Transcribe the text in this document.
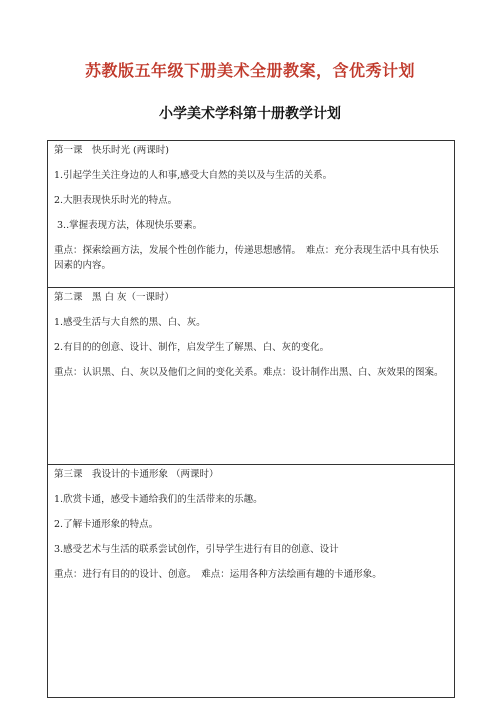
苏教版五年级下册美术全册教案，含优秀计划
小学美术学科第十册教学计划
第一课　快乐时光 (两课时)
1.引起学生关注身边的人和事,感受大自然的美以及与生活的关系。
2.大胆表现快乐时光的特点。
3..掌握表现方法，体现快乐要素。
重点：探索绘画方法，发展个性创作能力，传递思想感情。　难点：充分表现生活中具有快乐因素的内容。

第二课　黑 白 灰（一课时）
1.感受生活与大自然的黑、白、灰。
2.有目的的创意、设计、制作，启发学生了解黑、白、灰的变化。
重点：认识黑、白、灰以及他们之间的变化关系。难点：设计制作出黑、白、灰效果的图案。

第三课　我设计的卡通形象 （两课时）
1.欣赏卡通，感受卡通给我们的生活带来的乐趣。
2.了解卡通形象的特点。
3.感受艺术与生活的联系尝试创作，引导学生进行有目的创意、设计
重点：进行有目的的设计、创意。　难点：运用各种方法绘画有趣的卡通形象。
